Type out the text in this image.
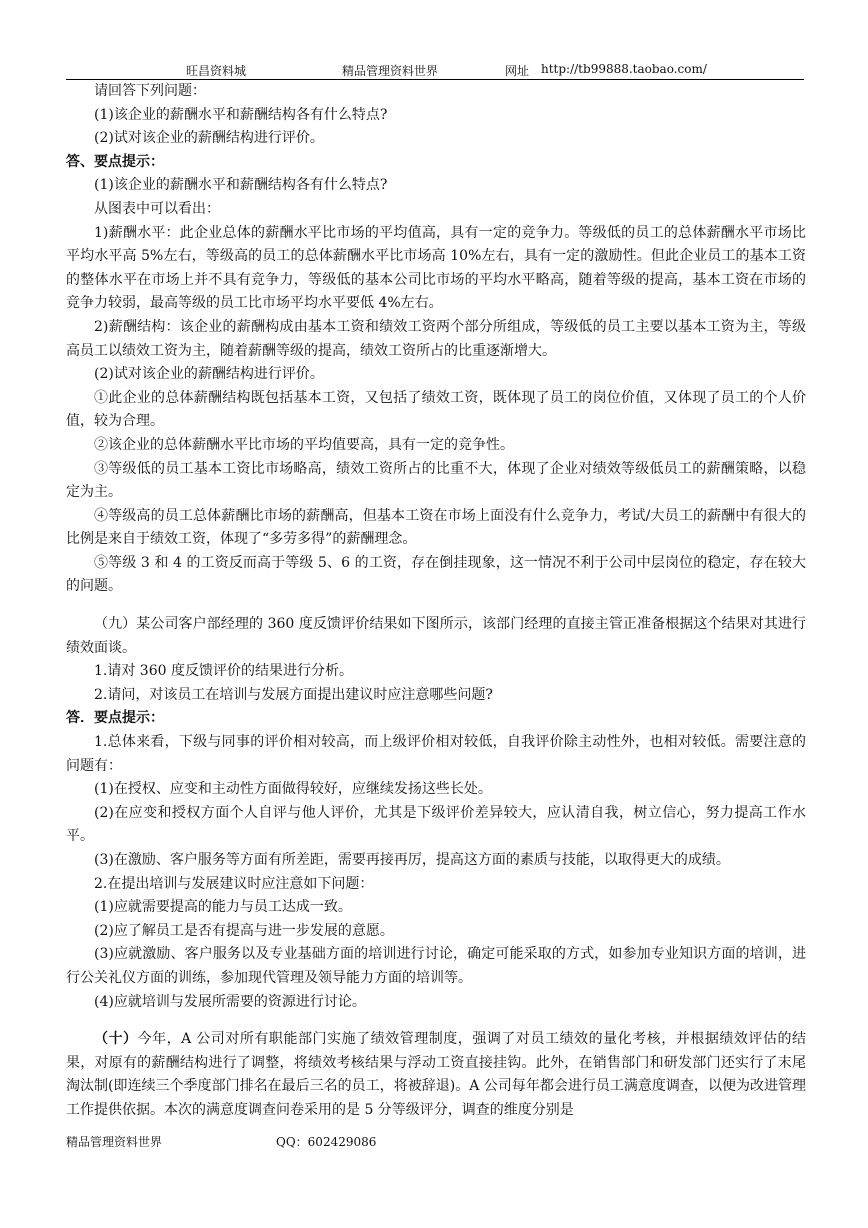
旺昌资料城	精品管理资料世界	网址 http://tb99888.taobao.com/

请回答下列问题：

(1)该企业的薪酬水平和薪酬结构各有什么特点?

(2)试对该企业的薪酬结构进行评价。

答、要点提示：

(1)该企业的薪酬水平和薪酬结构各有什么特点?

从图表中可以看出：

1)薪酬水平：此企业总体的薪酬水平比市场的平均值高，具有一定的竞争力。等级低的员工的总体薪酬水平市场比平均水平高 5%左右，等级高的员工的总体薪酬水平比市场高 10%左右，具有一定的激励性。但此企业员工的基本工资的整体水平在市场上并不具有竞争力，等级低的基本公司比市场的平均水平略高，随着等级的提高，基本工资在市场的竞争力较弱，最高等级的员工比市场平均水平要低 4%左右。

2)薪酬结构：该企业的薪酬构成由基本工资和绩效工资两个部分所组成，等级低的员工主要以基本工资为主，等级高员工以绩效工资为主，随着薪酬等级的提高，绩效工资所占的比重逐渐增大。

(2)试对该企业的薪酬结构进行评价。

①此企业的总体薪酬结构既包括基本工资，又包括了绩效工资，既体现了员工的岗位价值，又体现了员工的个人价值，较为合理。

②该企业的总体薪酬水平比市场的平均值要高，具有一定的竞争性。

③等级低的员工基本工资比市场略高，绩效工资所占的比重不大，体现了企业对绩效等级低员工的薪酬策略，以稳定为主。

④等级高的员工总体薪酬比市场的薪酬高，但基本工资在市场上面没有什么竞争力，考试/大员工的薪酬中有很大的比例是来自于绩效工资，体现了“多劳多得”的薪酬理念。

⑤等级 3 和 4 的工资反而高于等级 5、6 的工资，存在倒挂现象，这一情况不利于公司中层岗位的稳定，存在较大的问题。

（九）某公司客户部经理的 360 度反馈评价结果如下图所示，该部门经理的直接主管正准备根据这个结果对其进行绩效面谈。

1.请对 360 度反馈评价的结果进行分析。

2.请问，对该员工在培训与发展方面提出建议时应注意哪些问题?

答．要点提示：

1.总体来看，下级与同事的评价相对较高，而上级评价相对较低，自我评价除主动性外，也相对较低。需要注意的问题有：

(1)在授权、应变和主动性方面做得较好，应继续发扬这些长处。

(2)在应变和授权方面个人自评与他人评价，尤其是下级评价差异较大，应认清自我，树立信心，努力提高工作水平。

(3)在激励、客户服务等方面有所差距，需要再接再厉，提高这方面的素质与技能，以取得更大的成绩。

2.在提出培训与发展建议时应注意如下问题：

(1)应就需要提高的能力与员工达成一致。

(2)应了解员工是否有提高与进一步发展的意愿。

(3)应就激励、客户服务以及专业基础方面的培训进行讨论，确定可能采取的方式，如参加专业知识方面的培训，进行公关礼仪方面的训练，参加现代管理及领导能力方面的培训等。

(4)应就培训与发展所需要的资源进行讨论。

（十）今年，A 公司对所有职能部门实施了绩效管理制度，强调了对员工绩效的量化考核，并根据绩效评估的结果，对原有的薪酬结构进行了调整，将绩效考核结果与浮动工资直接挂钩。此外，在销售部门和研发部门还实行了末尾淘汰制(即连续三个季度部门排名在最后三名的员工，将被辞退)。A 公司每年都会进行员工满意度调查，以便为改进管理工作提供依据。本次的满意度调查问卷采用的是 5 分等级评分，调查的维度分别是

精品管理资料世界	QQ：602429086
